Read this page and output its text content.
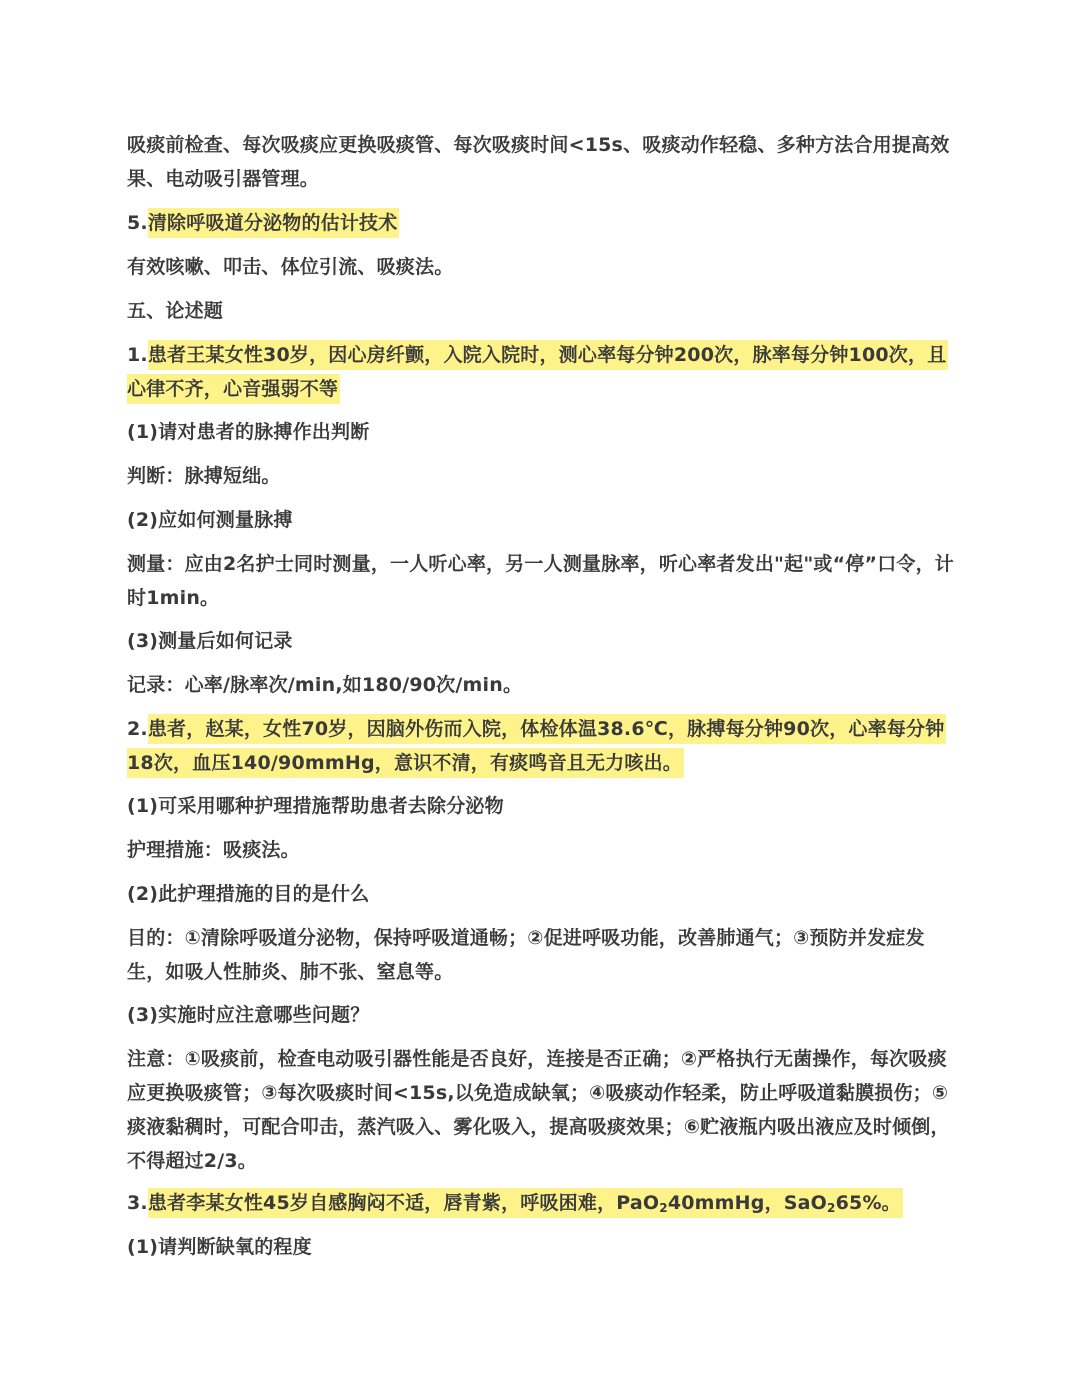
吸痰前检查、每次吸痰应更换吸痰管、每次吸痰时间<15s、吸痰动作轻稳、多种方法合用提高效果、电动吸引器管理。

5.清除呼吸道分泌物的估计技术

有效咳嗽、叩击、体位引流、吸痰法。

五、论述题

1.患者王某女性30岁，因心房纤颤，入院入院时，测心率每分钟200次，脉率每分钟100次，且心律不齐，心音强弱不等

(1)请对患者的脉搏作出判断

判断：脉搏短绌。

(2)应如何测量脉搏

测量：应由2名护士同时测量，一人听心率，另一人测量脉率，听心率者发出"起"或“停”口令，计时1min。

(3)测量后如何记录

记录：心率/脉率次/min,如180/90次/min。

2.患者，赵某，女性70岁，因脑外伤而入院，体检体温38.6℃，脉搏每分钟90次，心率每分钟18次，血压140/90mmHg，意识不清，有痰鸣音且无力咳出。

(1)可采用哪种护理措施帮助患者去除分泌物

护理措施：吸痰法。

(2)此护理措施的目的是什么

目的：①清除呼吸道分泌物，保持呼吸道通畅；②促进呼吸功能，改善肺通气；③预防并发症发生，如吸人性肺炎、肺不张、窒息等。

(3)实施时应注意哪些问题？

注意：①吸痰前，检查电动吸引器性能是否良好，连接是否正确；②严格执行无菌操作，每次吸痰应更换吸痰管；③每次吸痰时间<15s,以免造成缺氧；④吸痰动作轻柔，防止呼吸道黏膜损伤；⑤痰液黏稠时，可配合叩击，蒸汽吸入、雾化吸入，提高吸痰效果；⑥贮液瓶内吸出液应及时倾倒，不得超过2/3。

3.患者李某女性45岁自感胸闷不适，唇青紫，呼吸困难，PaO$_2$40mmHg，SaO$_2$65%。

(1)请判断缺氧的程度
